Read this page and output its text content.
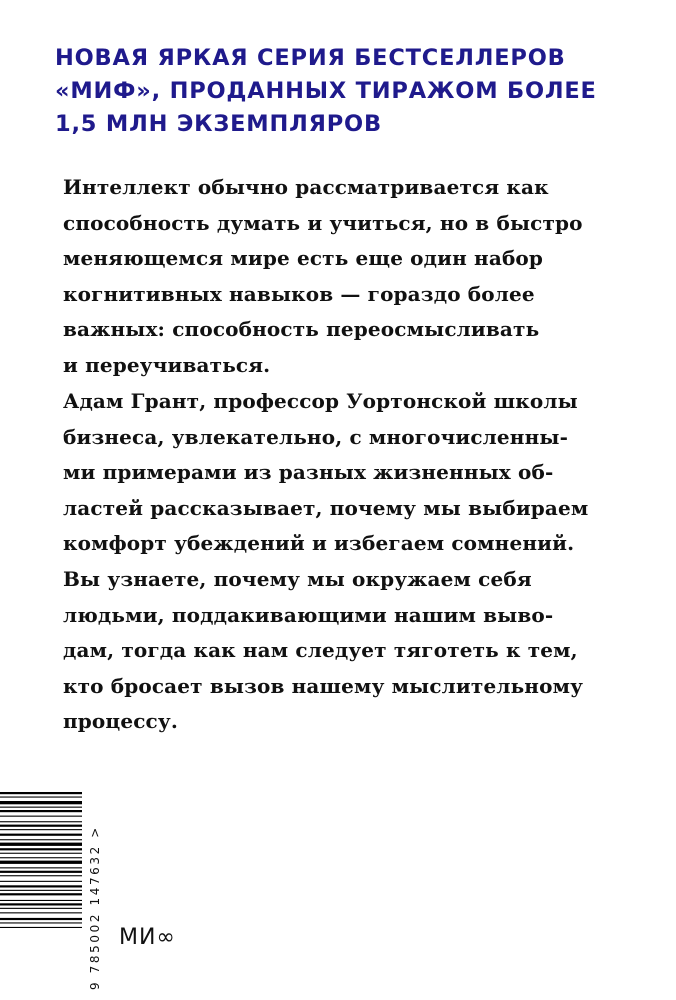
НОВАЯ ЯРКАЯ СЕРИЯ БЕСТСЕЛЛЕРОВ
«МИФ», ПРОДАННЫХ ТИРАЖОМ БОЛЕЕ
1,5 МЛН ЭКЗЕМПЛЯРОВ

Интеллект обычно рассматривается как
способность думать и учиться, но в быстро
меняющемся мире есть еще один набор
когнитивных навыков — гораздо более
важных: способность переосмысливать
и переучиваться.

Адам Грант, профессор Уортонской школы
бизнеса, увлекательно, с многочисленны-
ми примерами из разных жизненных об-
ластей рассказывает, почему мы выбираем
комфорт убеждений и избегаем сомнений.
Вы узнаете, почему мы окружаем себя
людьми, поддакивающими нашим выво-
дам, тогда как нам следует тяготеть к тем,
кто бросает вызов нашему мыслительному
процессу.

9 785002 147632 > МИ∞
